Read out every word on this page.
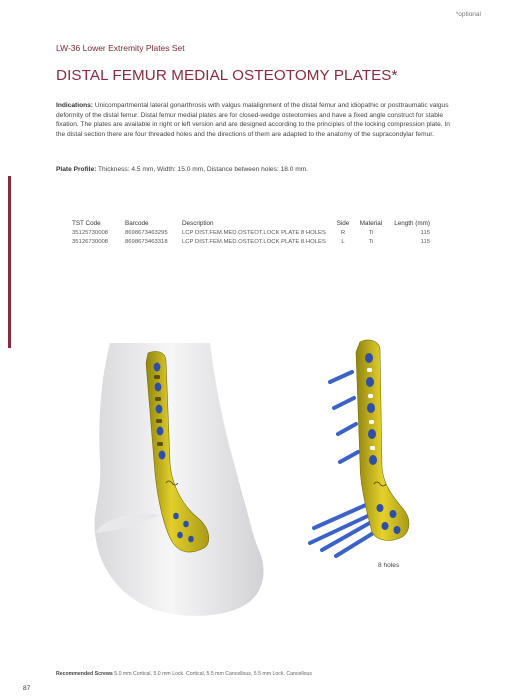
*optional
LW-36 Lower Extremity Plates Set
DISTAL FEMUR MEDIAL OSTEOTOMY PLATES*
Indications: Unicompartmental lateral gonarthrosis with valgus malalignment of the distal femur and idiopathic or posttraumatic valgus deformity of the distal femur. Distal femur medial plates are for closed-wedge osteotomies and have a fixed angle construct for stable fixation. The plates are available in right or left version and are designed according to the principles of the locking compression plate. In the distal section there are four threaded holes and the directions of them are adapted to the anatomy of the supracondylar femur.
Plate Profile: Thickness: 4.5 mm, Width: 15.0 mm, Distance between holes: 18.0 mm.
TST Code	Barcode	Description	Side	Material	Length (mm)
35125730008	8698673463295	LCP DIST.FEM.MED.OSTEOT.LOCK PLATE 8 HOLES	R	Ti	115
35126730008	8698673463318	LCP DIST.FEM.MED.OSTEOT.LOCK PLATE 8 HOLES	L	Ti	115
8 holes
Recommended Screws 5.0 mm Cortical, 5.0 mm Lock. Cortical, 5.5 mm Cancellous, 5.5 mm Lock. Cancellous
87
